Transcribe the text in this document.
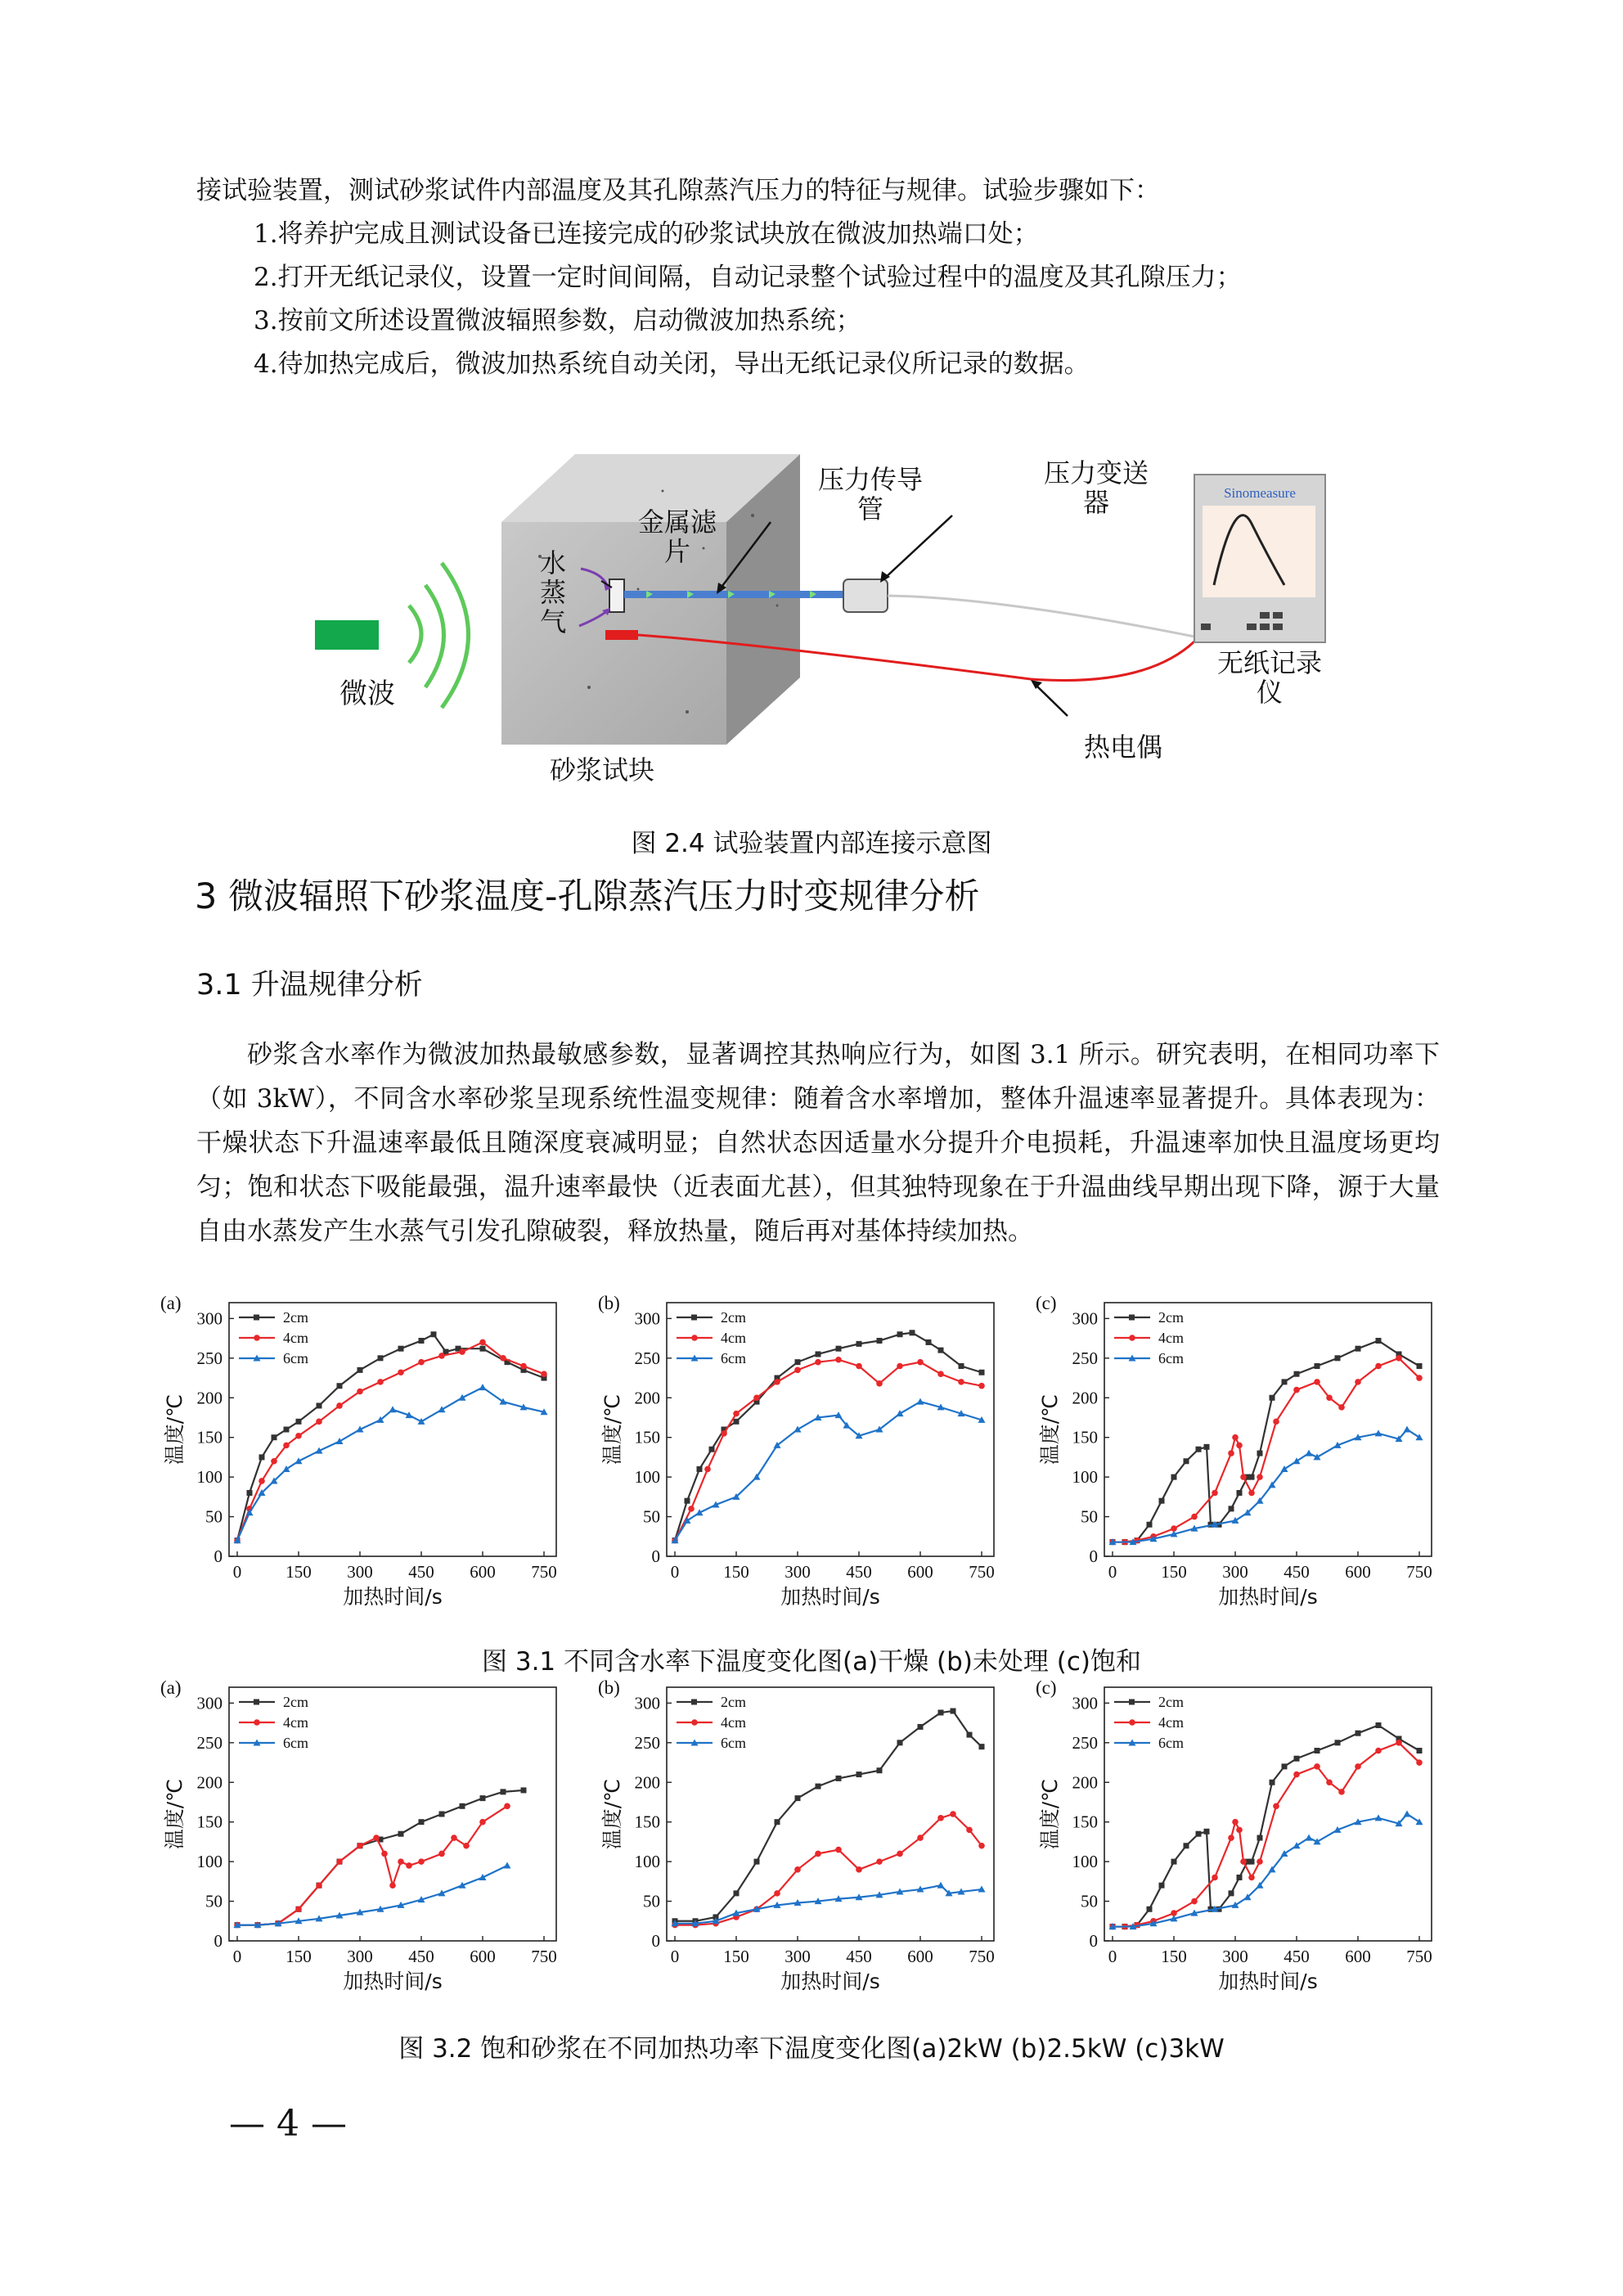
接试验装置，测试砂浆试件内部温度及其孔隙蒸汽压力的特征与规律。试验步骤如下：
1.将养护完成且测试设备已连接完成的砂浆试块放在微波加热端口处；
2.打开无纸记录仪，设置一定时间间隔，自动记录整个试验过程中的温度及其孔隙压力；
3.按前文所述设置微波辐照参数，启动微波加热系统；
4.待加热完成后，微波加热系统自动关闭，导出无纸记录仪所记录的数据。
Sinomeasure
微波
水
蒸
气
金属滤
片
压力传导
管
压力变送
器
无纸记录
仪
热电偶
砂浆试块
图 2.4 试验装置内部连接示意图
3 微波辐照下砂浆温度-孔隙蒸汽压力时变规律分析
3.1 升温规律分析

砂浆含水率作为微波加热最敏感参数，显著调控其热响应行为，如图 3.1 所示。研究表明，在相同功率下（如 3kW），不同含水率砂浆呈现系统性温变规律：随着含水率增加，整体升温速率显著提升。具体表现为：干燥状态下升温速率最低且随深度衰减明显；自然状态因适量水分提升介电损耗，升温速率加快且温度场更均匀；饱和状态下吸能最强，温升速率最快（近表面尤甚），但其独特现象在于升温曲线早期出现下降，源于大量自由水蒸发产生水蒸气引发孔隙破裂，释放热量，随后再对基体持续加热。

0	150 300 450 600 750
0
50
100
150
200
250
300
加热时间/s
温度/℃
(a)
2cm
4cm
6cm
0	150 300 450 600 750
0
50
100
150
200
250
300
加热时间/s
温度/℃
(b)
2cm
4cm
6cm
0	150 300 450 600 750
0
50
100
150
200
250
300
加热时间/s
温度/℃
(c)
2cm
4cm
6cm
图 3.1 不同含水率下温度变化图(a)干燥 (b)未处理 (c)饱和
0	150 300 450 600 750
0
50
100
150
200
250
300
加热时间/s
温度/℃
(a)
2cm
4cm
6cm
0	150 300 450 600 750
0
50
100
150
200
250
300
加热时间/s
温度/℃
(b)
2cm
4cm
6cm
0	150 300 450 600 750
0
50
100
150
200
250
300
加热时间/s
温度/℃
(c)
2cm
4cm
6cm
图 3.2 饱和砂浆在不同加热功率下温度变化图(a)2kW (b)2.5kW (c)3kW
— 4 —
